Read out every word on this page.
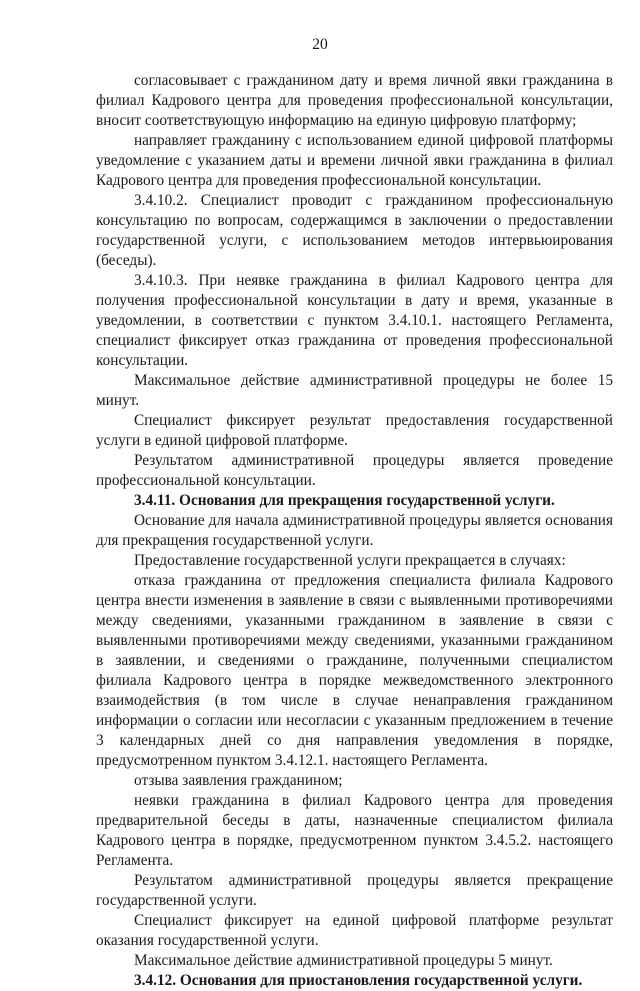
20

согласовывает с гражданином дату и время личной явки гражданина в филиал Кадрового центра для проведения профессиональной консультации, вносит соответствующую информацию на единую цифровую платформу;

направляет гражданину с использованием единой цифровой платформы уведомление с указанием даты и времени личной явки гражданина в филиал Кадрового центра для проведения профессиональной консультации.

3.4.10.2. Специалист проводит с гражданином профессиональную консультацию по вопросам, содержащимся в заключении о предоставлении государственной услуги, с использованием методов интервьюирования (беседы).

3.4.10.3. При неявке гражданина в филиал Кадрового центра для получения профессиональной консультации в дату и время, указанные в уведомлении, в соответствии с пунктом 3.4.10.1. настоящего Регламента, специалист фиксирует отказ гражданина от проведения профессиональной консультации.

Максимальное действие административной процедуры не более 15 минут.

Специалист фиксирует результат предоставления государственной услуги в единой цифровой платформе.

Результатом административной процедуры является проведение профессиональной консультации.

3.4.11. Основания для прекращения государственной услуги.

Основание для начала административной процедуры является основания для прекращения государственной услуги.

Предоставление государственной услуги прекращается в случаях:

отказа гражданина от предложения специалиста филиала Кадрового центра внести изменения в заявление в связи с выявленными противоречиями между сведениями, указанными гражданином в заявление в связи с выявленными противоречиями между сведениями, указанными гражданином в заявлении, и сведениями о гражданине, полученными специалистом филиала Кадрового центра в порядке межведомственного электронного взаимодействия (в том числе в случае ненаправления гражданином информации о согласии или несогласии с указанным предложением в течение 3 календарных дней со дня направления уведомления в порядке, предусмотренном пунктом 3.4.12.1. настоящего Регламента.

отзыва заявления гражданином;

неявки гражданина в филиал Кадрового центра для проведения предварительной беседы в даты, назначенные специалистом филиала Кадрового центра в порядке, предусмотренном пунктом 3.4.5.2. настоящего Регламента.

Результатом административной процедуры является прекращение государственной услуги.

Специалист фиксирует на единой цифровой платформе результат оказания государственной услуги.

Максимальное действие административной процедуры 5 минут.

3.4.12. Основания для приостановления государственной услуги.
